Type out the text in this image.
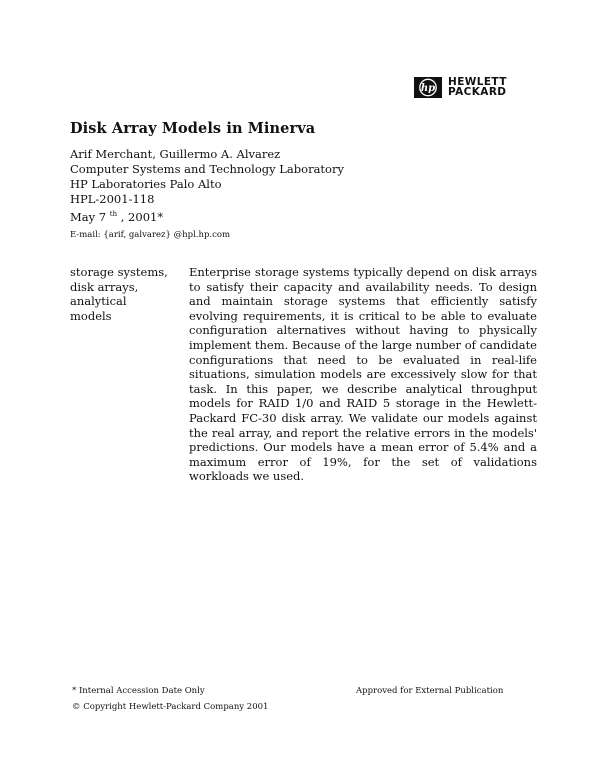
hp
HEWLETT
PACKARD
Disk Array Models in Minerva
Arif Merchant, Guillermo A. Alvarez
Computer Systems and Technology Laboratory
HP Laboratories Palo Alto
HPL-2001-118
May 7 $^{th}$ , 2001*
E-mail: {arif, galvarez} @hpl.hp.com
storage systems,
disk arrays,
analytical
models

Enterprise storage systems typically depend on disk arrays to satisfy their capacity and availability needs. To design and maintain storage systems that efficiently satisfy evolving requirements, it is critical to be able to evaluate configuration alternatives without having to physically implement them. Because of the large number of candidate configurations that need to be evaluated in real-life situations, simulation models are excessively slow for that task. In this paper, we describe analytical throughput models for RAID 1/0 and RAID 5 storage in the Hewlett-Packard FC-30 disk array. We validate our models against the real array, and report the relative errors in the models' predictions. Our models have a mean error of 5.4% and a maximum error of 19%, for the set of validations workloads we used.

* Internal Accession Date Only
© Copyright Hewlett-Packard Company 2001
Approved for External Publication
